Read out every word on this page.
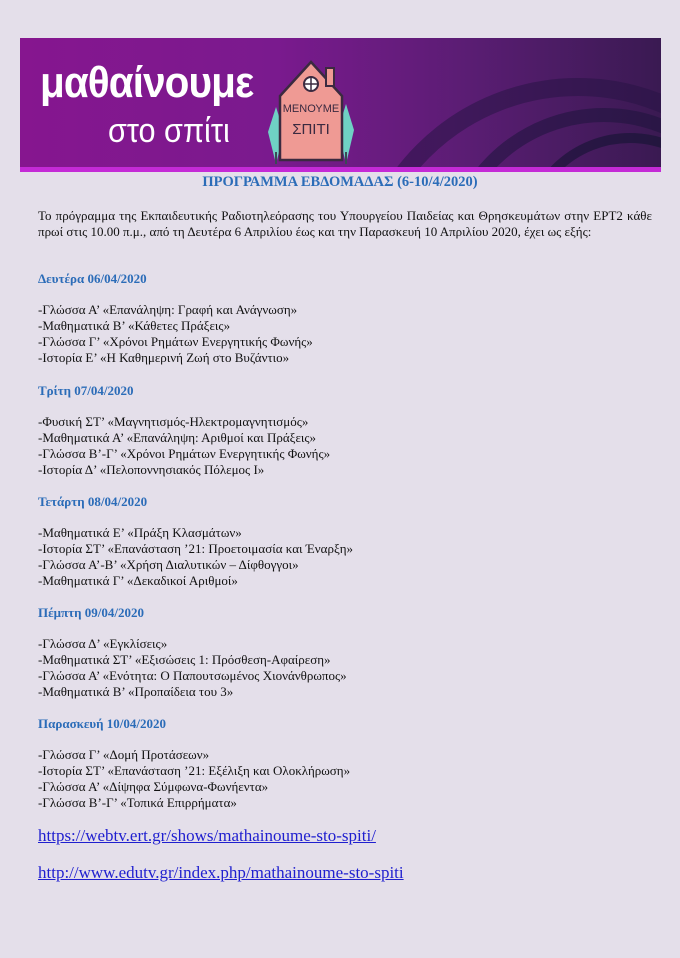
μαθαίνουμε
στο σπίτι
ΜΕΝΟΥΜΕ
ΣΠΙΤΙ
ΠΡΟΓΡΑΜΜΑ ΕΒΔΟΜΑΔΑΣ (6-10/4/2020)
Το πρόγραμμα της Εκπαιδευτικής Ραδιοτηλεόρασης του Υπουργείου Παιδείας και Θρησκευμάτων στην ΕΡΤ2 κάθε πρωί στις 10.00 π.μ., από τη Δευτέρα 6 Απριλίου έως και την Παρασκευή 10 Απριλίου 2020, έχει ως εξής:
Δευτέρα 06/04/2020
-Γλώσσα Α’ «Επανάληψη: Γραφή και Ανάγνωση»
-Μαθηματικά Β’ «Κάθετες Πράξεις»
-Γλώσσα Γ’ «Χρόνοι Ρημάτων Ενεργητικής Φωνής»
-Ιστορία Ε’ «Η Καθημερινή Ζωή στο Βυζάντιο»
Τρίτη 07/04/2020
-Φυσική ΣΤ’ «Μαγνητισμός-Ηλεκτρομαγνητισμός»
-Μαθηματικά Α’ «Επανάληψη: Αριθμοί και Πράξεις»
-Γλώσσα Β’-Γ’ «Χρόνοι Ρημάτων Ενεργητικής Φωνής»
-Ιστορία Δ’ «Πελοποννησιακός Πόλεμος Ι»
Τετάρτη 08/04/2020
-Μαθηματικά Ε’ «Πράξη Κλασμάτων»
-Ιστορία ΣΤ’ «Επανάσταση ’21: Προετοιμασία και Έναρξη»
-Γλώσσα Α’-Β’ «Χρήση Διαλυτικών – Δίφθογγοι»
-Μαθηματικά Γ’ «Δεκαδικοί Αριθμοί»
Πέμπτη 09/04/2020
-Γλώσσα Δ’ «Εγκλίσεις»
-Μαθηματικά ΣΤ’ «Εξισώσεις 1: Πρόσθεση-Αφαίρεση»
-Γλώσσα Α’ «Ενότητα: Ο Παπουτσωμένος Χιονάνθρωπος»
-Μαθηματικά Β’ «Προπαίδεια του 3»
Παρασκευή 10/04/2020
-Γλώσσα Γ’ «Δομή Προτάσεων»
-Ιστορία ΣΤ’ «Επανάσταση ’21: Εξέλιξη και Ολοκλήρωση»
-Γλώσσα Α’ «Δίψηφα Σύμφωνα-Φωνήεντα»
-Γλώσσα Β’-Γ’ «Τοπικά Επιρρήματα»
https://webtv.ert.gr/shows/mathainoume-sto-spiti/
http://www.edutv.gr/index.php/mathainoume-sto-spiti
